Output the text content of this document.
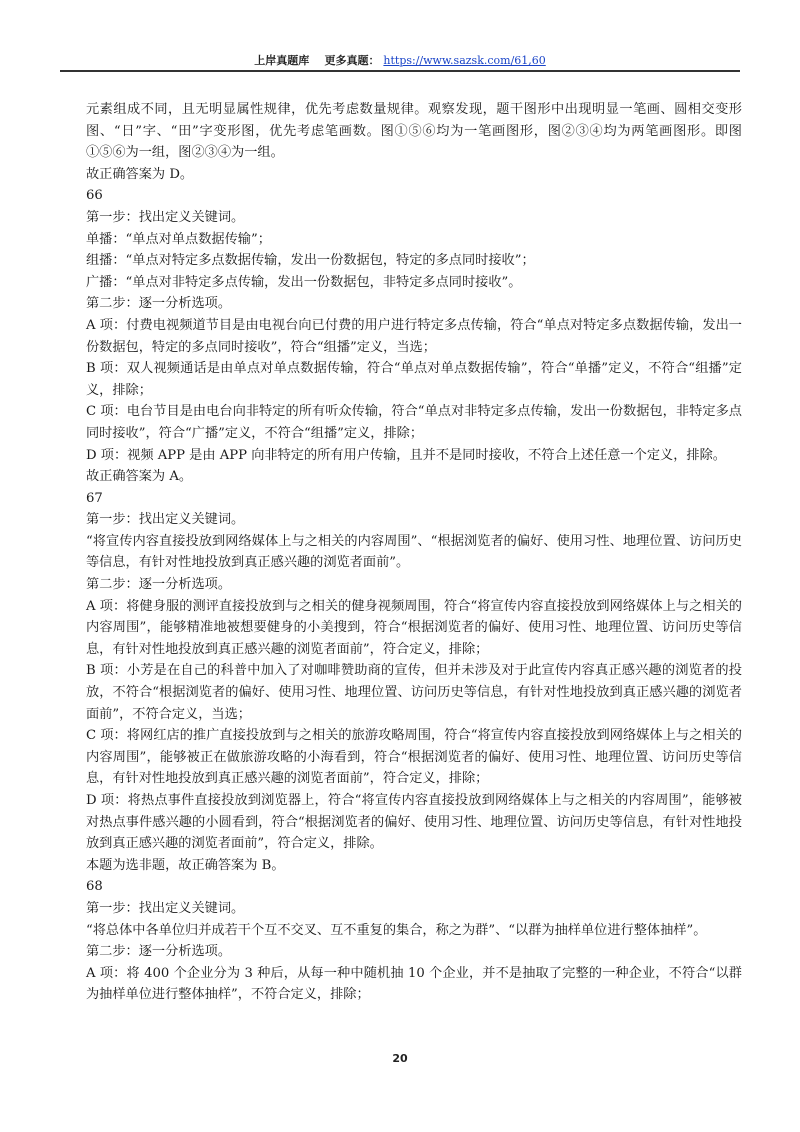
上岸真题库 更多真题： https://www.sazsk.com/61,60

元素组成不同，且无明显属性规律，优先考虑数量规律。观察发现，题干图形中出现明显一笔画、圆相交变形图、“日”字、“田”字变形图，优先考虑笔画数。图①⑤⑥均为一笔画图形，图②③④均为两笔画图形。即图①⑤⑥为一组，图②③④为一组。

故正确答案为 D。

66

第一步：找出定义关键词。

单播：“单点对单点数据传输”；

组播：“单点对特定多点数据传输，发出一份数据包，特定的多点同时接收”；

广播：“单点对非特定多点传输，发出一份数据包，非特定多点同时接收”。

第二步：逐一分析选项。

A 项：付费电视频道节目是由电视台向已付费的用户进行特定多点传输，符合“单点对特定多点数据传输，发出一份数据包，特定的多点同时接收”，符合“组播”定义，当选；

B 项：双人视频通话是由单点对单点数据传输，符合“单点对单点数据传输”，符合“单播”定义，不符合“组播”定义，排除；

C 项：电台节目是由电台向非特定的所有听众传输，符合“单点对非特定多点传输，发出一份数据包，非特定多点同时接收”，符合“广播”定义，不符合“组播”定义，排除；

D 项：视频 APP 是由 APP 向非特定的所有用户传输，且并不是同时接收，不符合上述任意一个定义，排除。

故正确答案为 A。

67

第一步：找出定义关键词。

“将宣传内容直接投放到网络媒体上与之相关的内容周围”、“根据浏览者的偏好、使用习性、地理位置、访问历史等信息，有针对性地投放到真正感兴趣的浏览者面前”。

第二步：逐一分析选项。

A 项：将健身服的测评直接投放到与之相关的健身视频周围，符合“将宣传内容直接投放到网络媒体上与之相关的内容周围”，能够精准地被想要健身的小美搜到，符合“根据浏览者的偏好、使用习性、地理位置、访问历史等信息，有针对性地投放到真正感兴趣的浏览者面前”，符合定义，排除；

B 项：小芳是在自己的科普中加入了对咖啡赞助商的宣传，但并未涉及对于此宣传内容真正感兴趣的浏览者的投放，不符合“根据浏览者的偏好、使用习性、地理位置、访问历史等信息，有针对性地投放到真正感兴趣的浏览者面前”，不符合定义，当选；

C 项：将网红店的推广直接投放到与之相关的旅游攻略周围，符合“将宣传内容直接投放到网络媒体上与之相关的内容周围”，能够被正在做旅游攻略的小海看到，符合“根据浏览者的偏好、使用习性、地理位置、访问历史等信息，有针对性地投放到真正感兴趣的浏览者面前”，符合定义，排除；

D 项：将热点事件直接投放到浏览器上，符合“将宣传内容直接投放到网络媒体上与之相关的内容周围”，能够被对热点事件感兴趣的小圆看到，符合“根据浏览者的偏好、使用习性、地理位置、访问历史等信息，有针对性地投放到真正感兴趣的浏览者面前”，符合定义，排除。

本题为选非题，故正确答案为 B。

68

第一步：找出定义关键词。

“将总体中各单位归并成若干个互不交叉、互不重复的集合，称之为群”、“以群为抽样单位进行整体抽样”。

第二步：逐一分析选项。

A 项：将 400 个企业分为 3 种后，从每一种中随机抽 10 个企业，并不是抽取了完整的一种企业，不符合“以群为抽样单位进行整体抽样”，不符合定义，排除；

20
